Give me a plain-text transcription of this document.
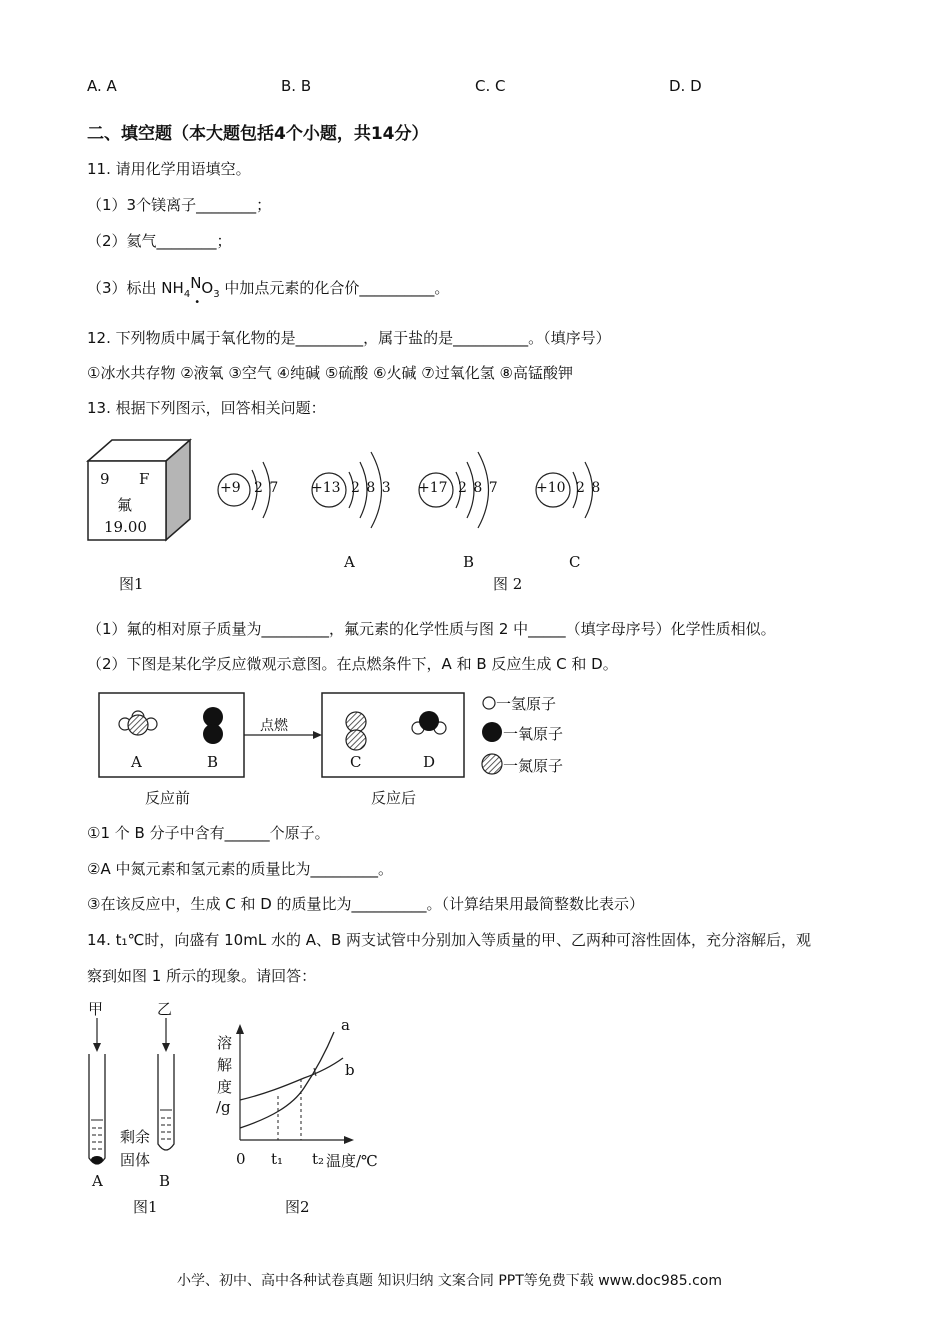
A. A	B. B	C. C	D. D
二、填空题（本大题包括4个小题，共14分）
11. 请用化学用语填空。
（1）3个镁离子________；
（2）氦气________；
（3）标出 $NH_4N$
•
$O_3$ 中加点元素的化合价__________。
12. 下列物质中属于氧化物的是_________，属于盐的是__________。（填序号）
①冰水共存物 ②液氧 ③空气 ④纯碱 ⑤硫酸 ⑥火碱 ⑦过氧化氢 ⑧高锰酸钾
13. 根据下列图示，回答相关问题：
9 F
氟
19.00
图1
+9 2 7 +13 2 8 3
A
+17 2 8 7
B
+10 2 8
C
图 2
（1）氟的相对原子质量为_________，氟元素的化学性质与图 2 中_____（填字母序号）化学性质相似。
（2）下图是某化学反应微观示意图。在点燃条件下，A 和 B 反应生成 C 和 D。
A	B	C	D
点燃
反应前	反应后
一氢原子
一氧原子
一氮原子
①1 个 B 分子中含有______个原子。
②A 中氮元素和氢元素的质量比为_________。
③在该反应中，生成 C 和 D 的质量比为__________。（计算结果用最简整数比表示）
14. t₁℃时，向盛有 10mL 水的 A、B 两支试管中分别加入等质量的甲、乙两种可溶性固体，充分溶解后，观
察到如图 1 所示的现象。请回答：
甲	乙
剩余
固体
A	B
图1
溶
解
度
/g
0 t₁ t₂ 温度/℃
a
b
图2
小学、初中、高中各种试卷真题 知识归纳 文案合同 PPT等免费下载 www.doc985.com
